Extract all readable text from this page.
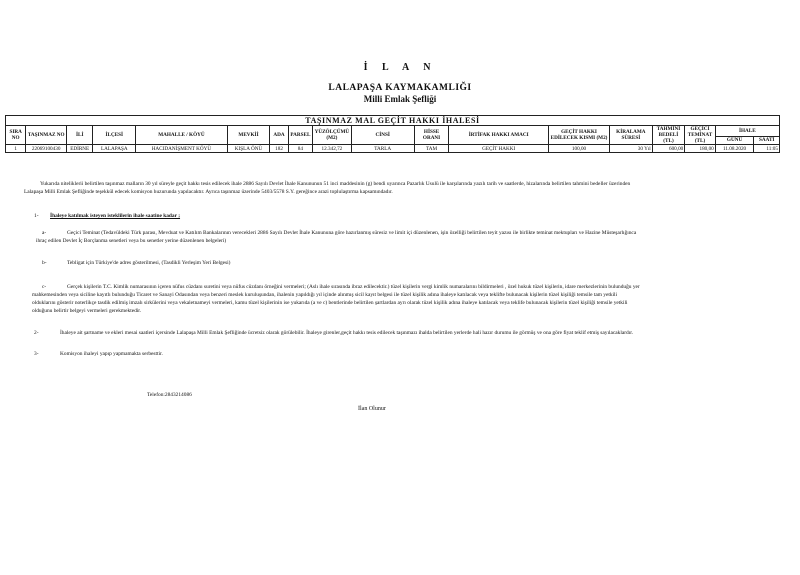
İ L A N
LALAPAŞA KAYMAKAMLIĞI
Milli Emlak Şefliği
TAŞINMAZ MAL GEÇİT HAKKI İHALESİ																	
SIRA NO	TAŞINMAZ NO	İLİ	İLÇESİ	MAHALLE / KÖYÜ	MEVKİİ	ADA	PARSEL	YÜZÖLÇÜMÜ (M2)	CİNSİ	HİSSE ORANI	İRTİFAK HAKKI AMACI	GEÇİT HAKKI EDİLECEK KISMI (M2)	KİRALAMA SÜRESİ	TAHMİNİ BEDELİ (TL)	GEÇİCİ TEMİNAT (TL)	İHALE	
																GÜNÜ	SAATİ
1	22069100430	EDİRNE	LALAPAŞA	HACIDANİŞMENT KÖYÜ	KIŞLA ÖNÜ	182	84	12.342,72	TARLA	TAM	GEÇİT HAKKI	100,00	30 Yıl	600,00	180,00	11.08.2020	11:05
Yukarıda niteliklerii belirtilen taşınmaz malların 30 yıl süreyle geçit hakkı tesis edilecek ihale 2886 Sayılı Devlet İhale Kanununun 51 inci maddesinin (g) bendi uyarınca Pazarlık Usulü ile karşılarında yazılı tarih ve saatlerde, hizalarında belirtilen tahmini bedeller üzerinden
Lalapaşa Milli Emlak Şefliğinde teşekkül edecek komisyon huzurunda yapılacaktır. Ayrıca taşınmaz üzerinde 5403/5578 S.Y. gereğince arazi toplulaştırma kapsamındadır.
1- İhaleye katılmak isteyen isteklilerin ihale saatine kadar ;
a-	Geçici Teminat (Tedavüldeki Türk parası, Mevduat ve Katılım Bankalarının verecekleri 2886 Sayılı Devlet İhale Kanununa göre hazırlanmış süresiz ve limit içi düzenlenen, işin özelliği belirtilen teyit yazısı ile birlikte teminat mektupları ve Hazine Müsteşarlığınca
ihraç edilen Devlet İç Borçlanma senetleri veya bu senetler yerine düzenlenen belgeleri)
b-	Tebligat için Türkiye'de adres gösterilmesi, (Tasdikli Yerleşim Yeri Belgesi)
c-	Gerçek kişilerin T.C. Kimlik numarasının içeren nüfus cüzdanı suretini veya nüfus cüzdanı örneğini vermeleri; (Aslı ihale sırasında ibraz edilecektir.) tüzel kişilerin vergi kimlik numaralarını bildirmeleri , özel hukuk tüzel kişilerin, idare merkezlerinin bulunduğu yer
mahkemesinden veya siciline kayıtlı bulunduğu Ticaret ve Sanayi Odasından veya benzeri meslek kuruluşundan, ihalenin yapıldığı yıl içinde alınmış sicil kayıt belgesi ile tüzel kişilik adına ihaleye katılacak veya teklifte bulunacak kişilerin tüzel kişiliği temsile tam yetkili
olduklarını gösterir noterlikçe tasdik edilmiş imzalı sirkülerini veya vekaletnameyi vermeleri, kamu tüzel kişilerinin ise yukarıda (a ve c) bentlerinde belirtilen şartlardan ayrı olarak tüzel kişilik adına ihaleye katılacak veya teklife bulunacak kişilerin tüzel kişiliği temsile yetkili
olduğunu belirtir belgeyi vermeleri gerekmektedir.
2-	İhaleye ait şartname ve ekleri mesai saatleri içersinde Lalapaşa Milli Emlak Şefliğinde ücretsiz olarak görülebilir. İhaleye girenler,geçit hakkı tesis edilecek taşınmazı ihalda belirtilen yerlerde hali hazır durumu ile görmüş ve ona göre fiyat teklif etmiş sayılacaklardır.
3-	Komisyon ihaleyi yapıp yapmamakta serbesttir.
Telefon:2843214086
İlan Olunur
